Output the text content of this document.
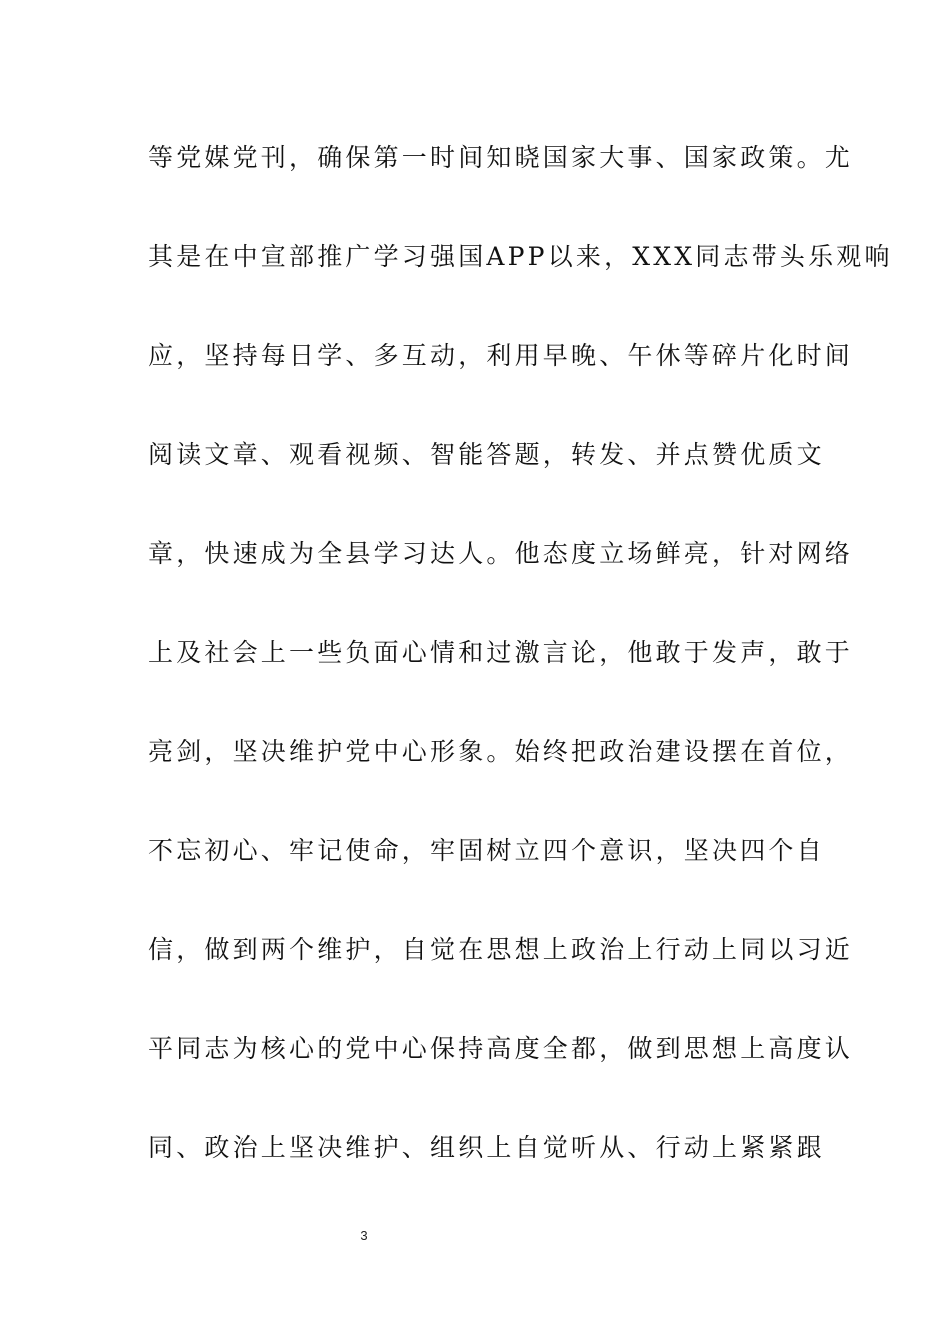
等党媒党刊，确保第一时间知晓国家大事、国家政策。尤
其是在中宣部推广学习强国APP以来，XXX同志带头乐观响
应，坚持每日学、多互动，利用早晚、午休等碎片化时间
阅读文章、观看视频、智能答题，转发、并点赞优质文
章，快速成为全县学习达人。他态度立场鲜亮，针对网络
上及社会上一些负面心情和过激言论，他敢于发声，敢于
亮剑，坚决维护党中心形象。始终把政治建设摆在首位，
不忘初心、牢记使命，牢固树立四个意识，坚决四个自
信，做到两个维护，自觉在思想上政治上行动上同以习近
平同志为核心的党中心保持高度全都，做到思想上高度认
同、政治上坚决维护、组织上自觉听从、行动上紧紧跟
3
